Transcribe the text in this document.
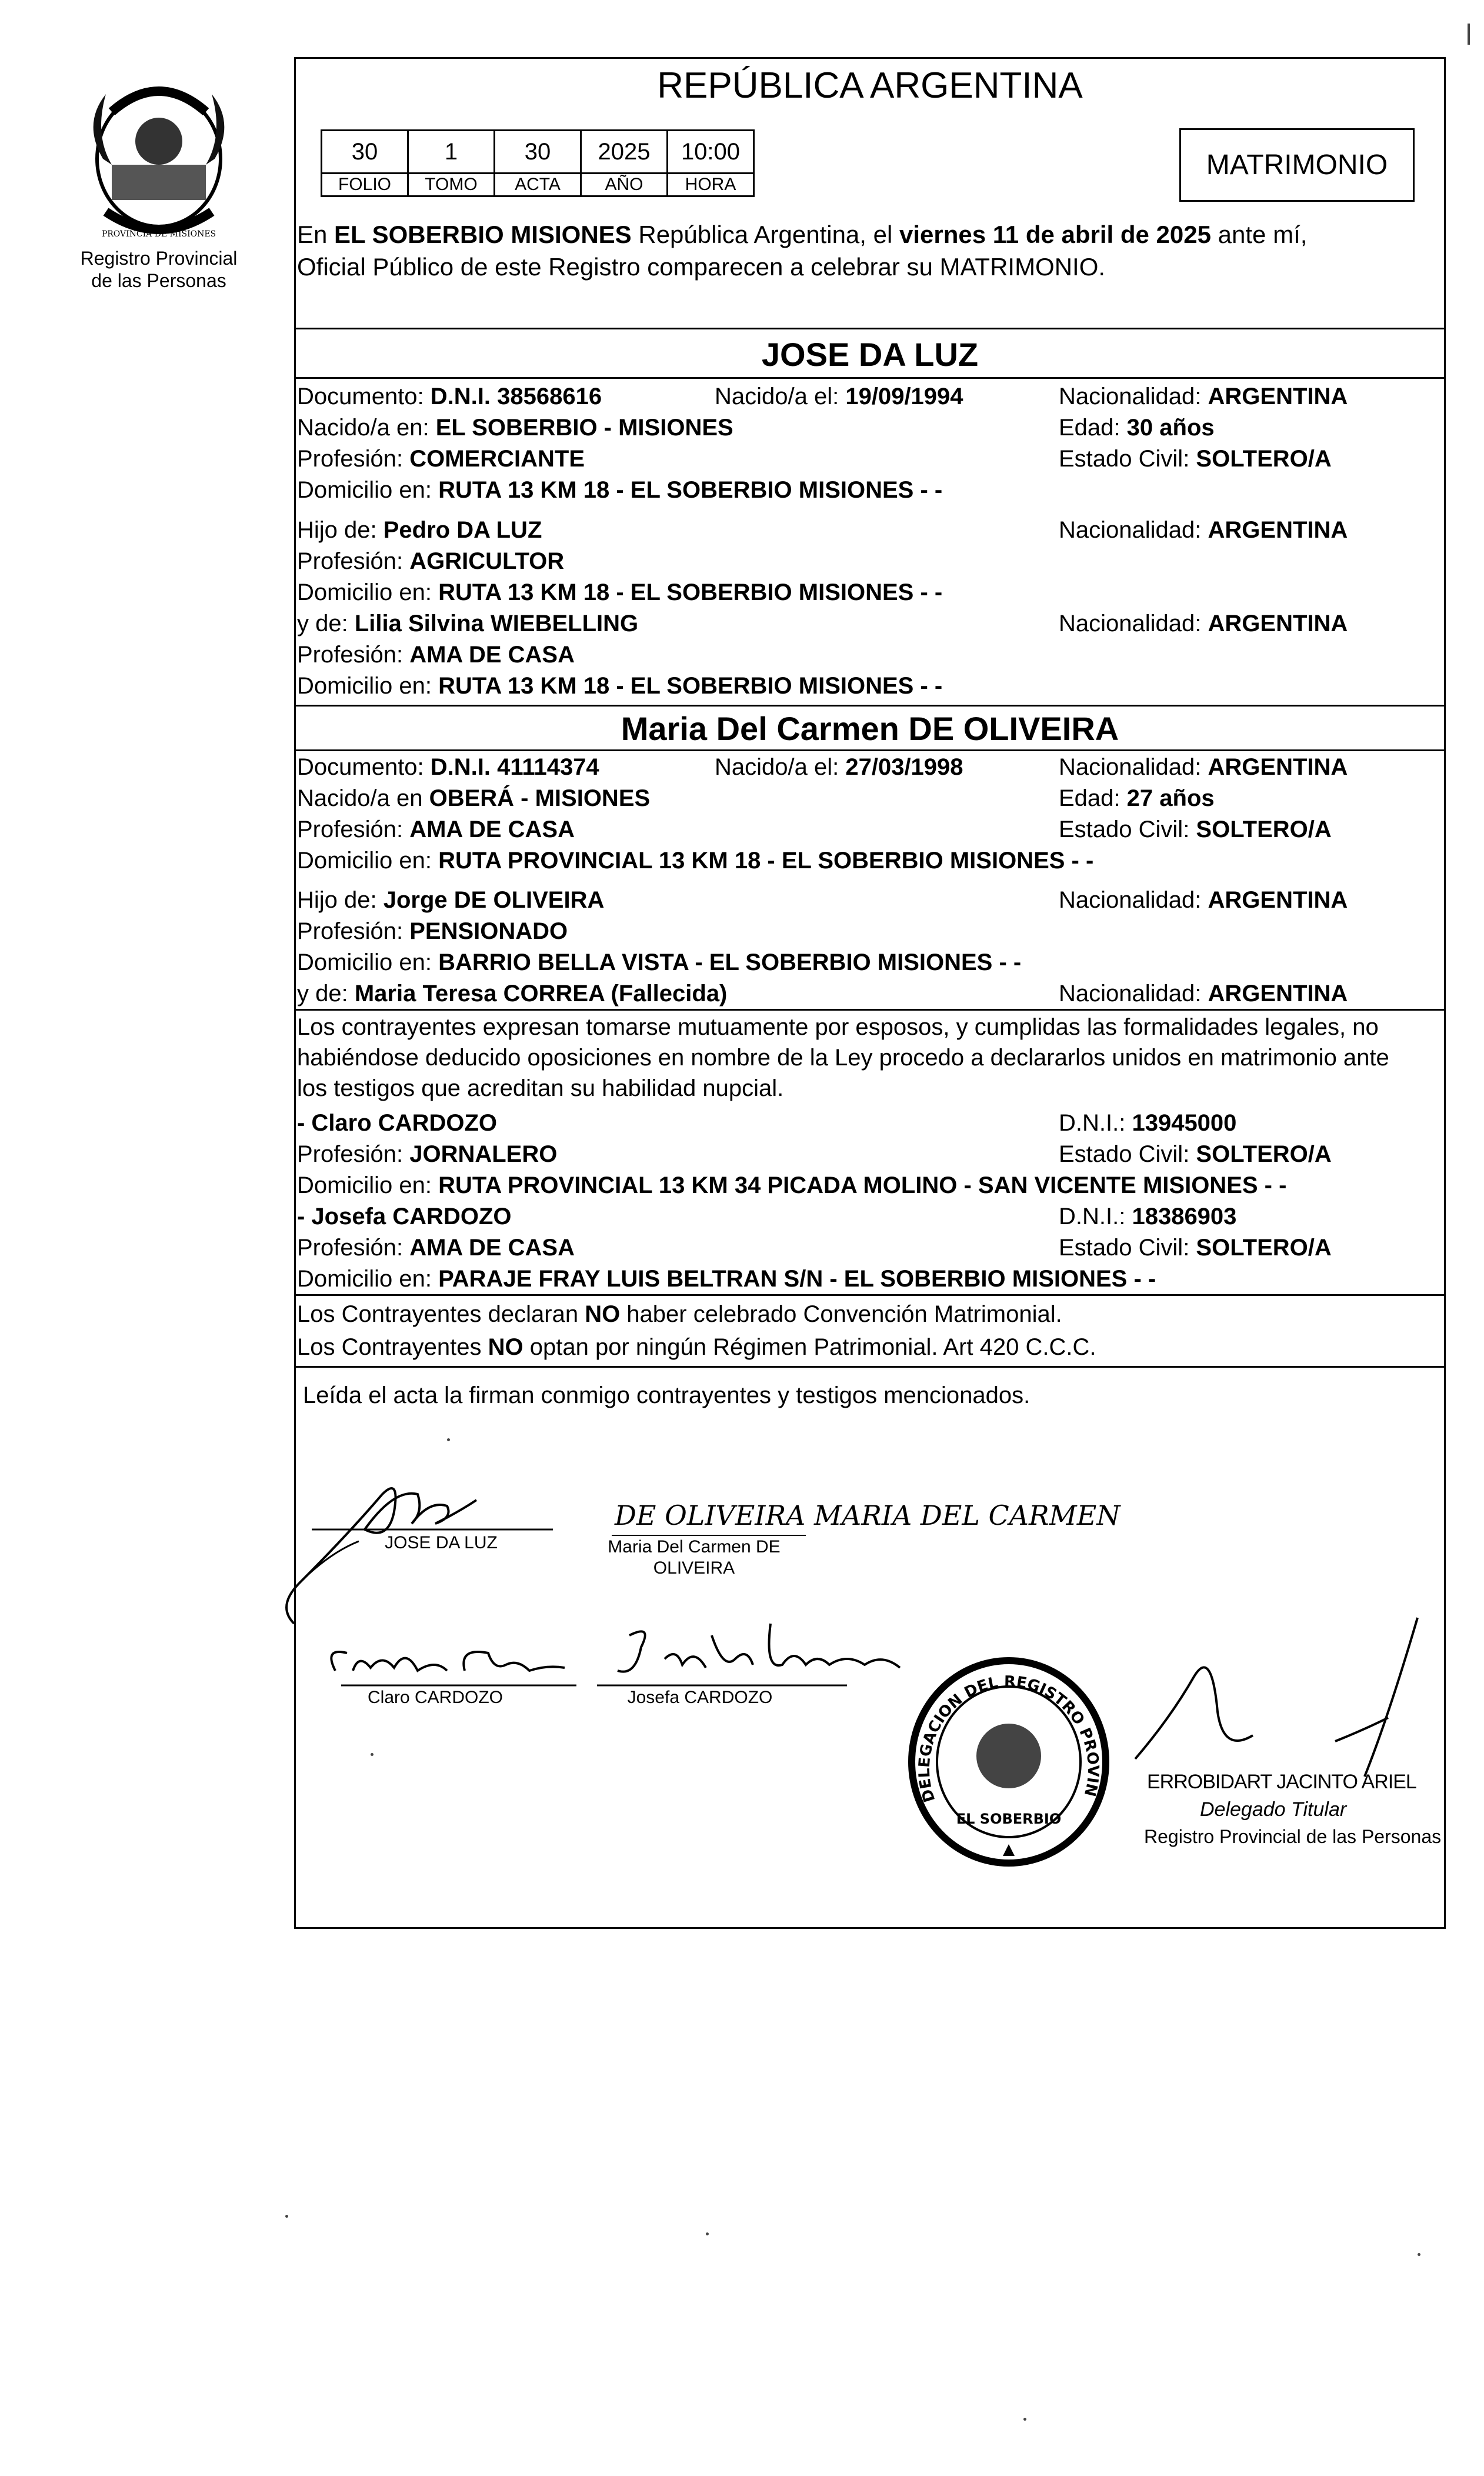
PROVINCIA DE MISIONES
Registro Provincial
de las Personas
REPÚBLICA ARGENTINA
30	1	30	2025	10:00
FOLIO	TOMO	ACTA	AÑO	HORA
MATRIMONIO
En EL SOBERBIO MISIONES República Argentina, el viernes 11 de abril de 2025 ante mí,
Oficial Público de este Registro comparecen a celebrar su MATRIMONIO.
JOSE DA LUZ
Documento: D.N.I. 38568616	Nacido/a el: 19/09/1994	Nacionalidad: ARGENTINA
Nacido/a en: EL SOBERBIO - MISIONES	Edad: 30 años
Profesión: COMERCIANTE	Estado Civil: SOLTERO/A
Domicilio en: RUTA 13 KM 18 - EL SOBERBIO MISIONES - -
Hijo de: Pedro DA LUZ	Nacionalidad: ARGENTINA
Profesión: AGRICULTOR
Domicilio en: RUTA 13 KM 18 - EL SOBERBIO MISIONES - -
y de: Lilia Silvina WIEBELLING	Nacionalidad: ARGENTINA
Profesión: AMA DE CASA
Domicilio en: RUTA 13 KM 18 - EL SOBERBIO MISIONES - -
Maria Del Carmen DE OLIVEIRA
Documento: D.N.I. 41114374	Nacido/a el: 27/03/1998	Nacionalidad: ARGENTINA
Nacido/a en OBERÁ - MISIONES	Edad: 27 años
Profesión: AMA DE CASA	Estado Civil: SOLTERO/A
Domicilio en: RUTA PROVINCIAL 13 KM 18 - EL SOBERBIO MISIONES - -
Hijo de: Jorge DE OLIVEIRA	Nacionalidad: ARGENTINA
Profesión: PENSIONADO
Domicilio en: BARRIO BELLA VISTA - EL SOBERBIO MISIONES - -
y de: Maria Teresa CORREA (Fallecida)	Nacionalidad: ARGENTINA
Los contrayentes expresan tomarse mutuamente por esposos, y cumplidas las formalidades legales, no
habiéndose deducido oposiciones en nombre de la Ley procedo a declararlos unidos en matrimonio ante
los testigos que acreditan su habilidad nupcial.
- Claro CARDOZO	D.N.I.: 13945000
Profesión: JORNALERO	Estado Civil: SOLTERO/A
Domicilio en: RUTA PROVINCIAL 13 KM 34 PICADA MOLINO - SAN VICENTE MISIONES - -
- Josefa CARDOZO	D.N.I.: 18386903
Profesión: AMA DE CASA	Estado Civil: SOLTERO/A
Domicilio en: PARAJE FRAY LUIS BELTRAN S/N - EL SOBERBIO MISIONES - -
Los Contrayentes declaran NO haber celebrado Convención Matrimonial.
Los Contrayentes NO optan por ningún Régimen Patrimonial. Art 420 C.C.C.
Leída el acta la firman conmigo contrayentes y testigos mencionados.
JOSE DA LUZ
DE OLIVEIRA MARIA DEL CARMEN
Maria Del Carmen DE
OLIVEIRA
Claro CARDOZO	Josefa CARDOZO
DELEGACION DEL REGISTRO PROVINCIAL DE LAS PERSONAS
EL SOBERBIO
ERROBIDART JACINTO ARIEL
Delegado Titular
Registro Provincial de las Personas
